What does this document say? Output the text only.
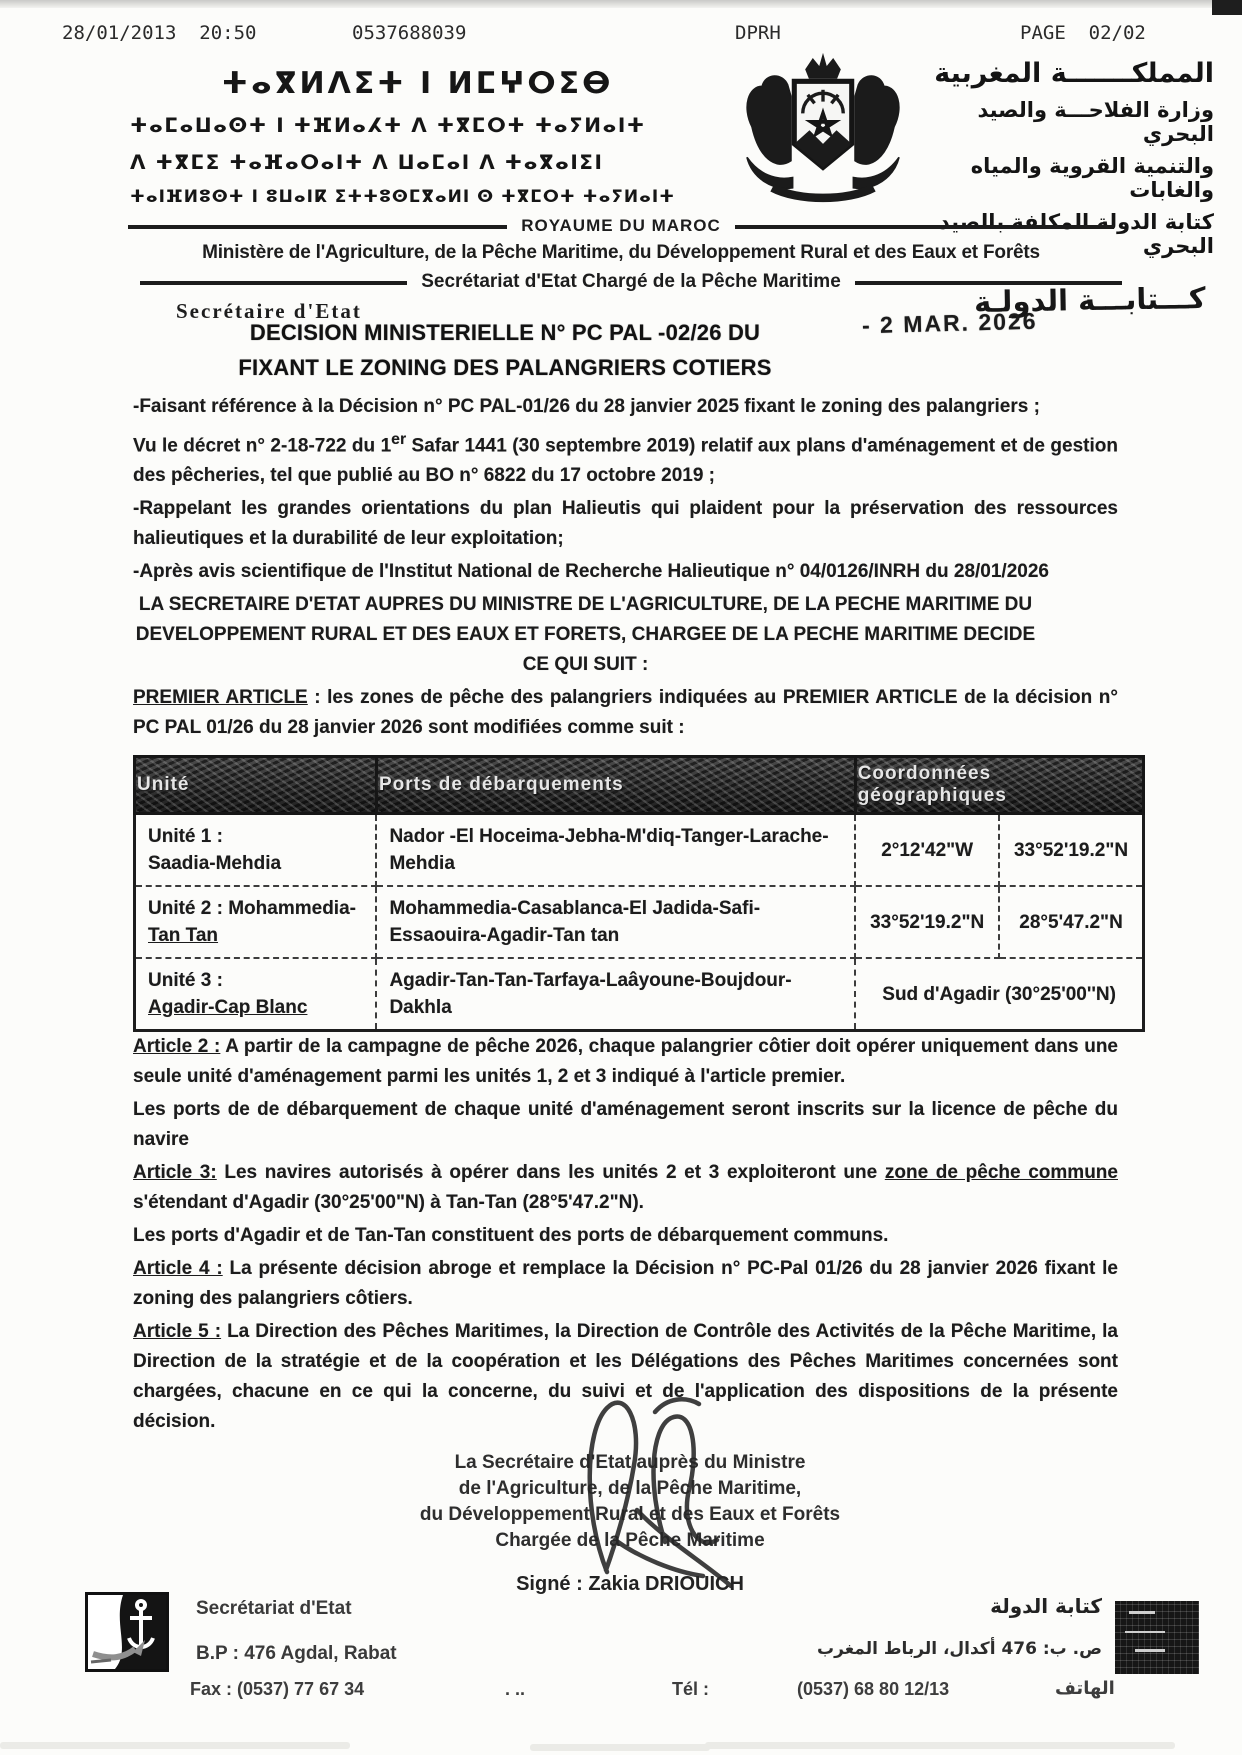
28/01/2013  20:50	0537688039	DPRH	PAGE  02/02
ⵜⴰⴳⵍⴷⵉⵜ ⵏ ⵍⵎⵖⵔⵉⴱ
ⵜⴰⵎⴰⵡⴰⵙⵜ ⵏ ⵜⴼⵍⴰⵃⵜ ⴷ ⵜⴳⵎⵔⵜ ⵜⴰⵢⵍⴰⵏⵜ
ⴷ ⵜⴳⵎⵉ ⵜⴰⴼⴰⵔⴰⵏⵜ ⴷ ⵡⴰⵎⴰⵏ ⴷ ⵜⴰⴳⴰⵏⵉⵏ
ⵜⴰⵏⴼⵍⵓⵙⵜ ⵏ ⵓⵡⴰⵏⴽ ⵉⵜⵜⵓⵙⵎⴳⴰⵍⵏ ⵙ ⵜⴳⵎⵔⵜ ⵜⴰⵢⵍⴰⵏⵜ
المملكـــــــة المغربية
وزارة الفلاحـــة والصيد البحري
والتنمية القروية والمياه والغابات
كتابة الدولة المكلفة بالصيد البحري
ROYAUME DU MAROC
Ministère de l'Agriculture, de la Pêche Maritime, du Développement Rural et des Eaux et Forêts
Secrétariat d'Etat Chargé de la Pêche Maritime
Secrétaire d'Etat	كـــتابـــة الدولـة
DECISION MINISTERIELLE N° PC PAL -02/26 DU
FIXANT LE ZONING DES PALANGRIERS COTIERS
- 2 MAR. 2026

-Faisant référence à la Décision n° PC PAL-01/26 du 28 janvier 2025 fixant le zoning des palangriers ;

Vu le décret n° 2-18-722 du 1er Safar 1441 (30 septembre 2019) relatif aux plans d'aménagement et de gestion des pêcheries, tel que publié au BO n° 6822 du 17 octobre 2019 ;

-Rappelant les grandes orientations du plan Halieutis qui plaident pour la préservation des ressources halieutiques et la durabilité de leur exploitation;

-Après avis scientifique de l'Institut National de Recherche Halieutique n° 04/0126/INRH du 28/01/2026

LA SECRETAIRE D'ETAT AUPRES DU MINISTRE DE L'AGRICULTURE, DE LA PECHE MARITIME DU DEVELOPPEMENT RURAL ET DES EAUX ET FORETS, CHARGEE DE LA PECHE MARITIME DECIDE CE QUI SUIT :

PREMIER ARTICLE : les zones de pêche des palangriers indiquées au PREMIER ARTICLE de la décision n° PC PAL 01/26 du 28 janvier 2026 sont modifiées comme suit :

Unité	Ports de débarquements	Coordonnées géographiques	
Unité 1 :
Saadia-Mehdia	Nador -El Hoceima-Jebha-M'diq-Tanger-Larache-Mehdia	2°12'42"W	33°52'19.2"N
Unité 2 : Mohammedia-
Tan Tan	Mohammedia-Casablanca-El Jadida-Safi-Essaouira-Agadir-Tan tan	33°52'19.2"N	28°5'47.2"N
Unité 3 :
Agadir-Cap Blanc	Agadir-Tan-Tan-Tarfaya-Laâyoune-Boujdour-Dakhla	Sud d'Agadir (30°25'00''N)	

Article 2 : A partir de la campagne de pêche 2026, chaque palangrier côtier doit opérer uniquement dans une seule unité d'aménagement parmi les unités 1, 2 et 3 indiqué à l'article premier.

Les ports de de débarquement de chaque unité d'aménagement seront inscrits sur la licence de pêche du navire

Article 3: Les navires autorisés à opérer dans les unités 2 et 3 exploiteront une zone de pêche commune s'étendant d'Agadir (30°25'00"N) à Tan-Tan (28°5'47.2"N).

Les ports d'Agadir et de Tan-Tan constituent des ports de débarquement communs.

Article 4 : La présente décision abroge et remplace la Décision n° PC-Pal 01/26 du 28 janvier 2026 fixant le zoning des palangriers côtiers.

Article 5 : La Direction des Pêches Maritimes, la Direction de Contrôle des Activités de la Pêche Maritime, la Direction de la stratégie et de la coopération et les Délégations des Pêches Maritimes concernées sont chargées, chacune en ce qui la concerne, du suivi et de l'application des dispositions de la présente décision.

La Secrétaire d'Etat auprès du Ministre
de l'Agriculture, de la Pêche Maritime,
du Développement Rural et des Eaux et Forêts
Chargée de la Pêche Maritime
Signé : Zakia DRIOUICH
Secrétariat d'Etat
B.P : 476 Agdal, Rabat
كتابة الدولة
ص. ب: 476 أكدال، الرباط المغرب
Fax : (0537) 77 67 34	. ..	Tél :	(0537) 68 80 12/13	الهاتف
